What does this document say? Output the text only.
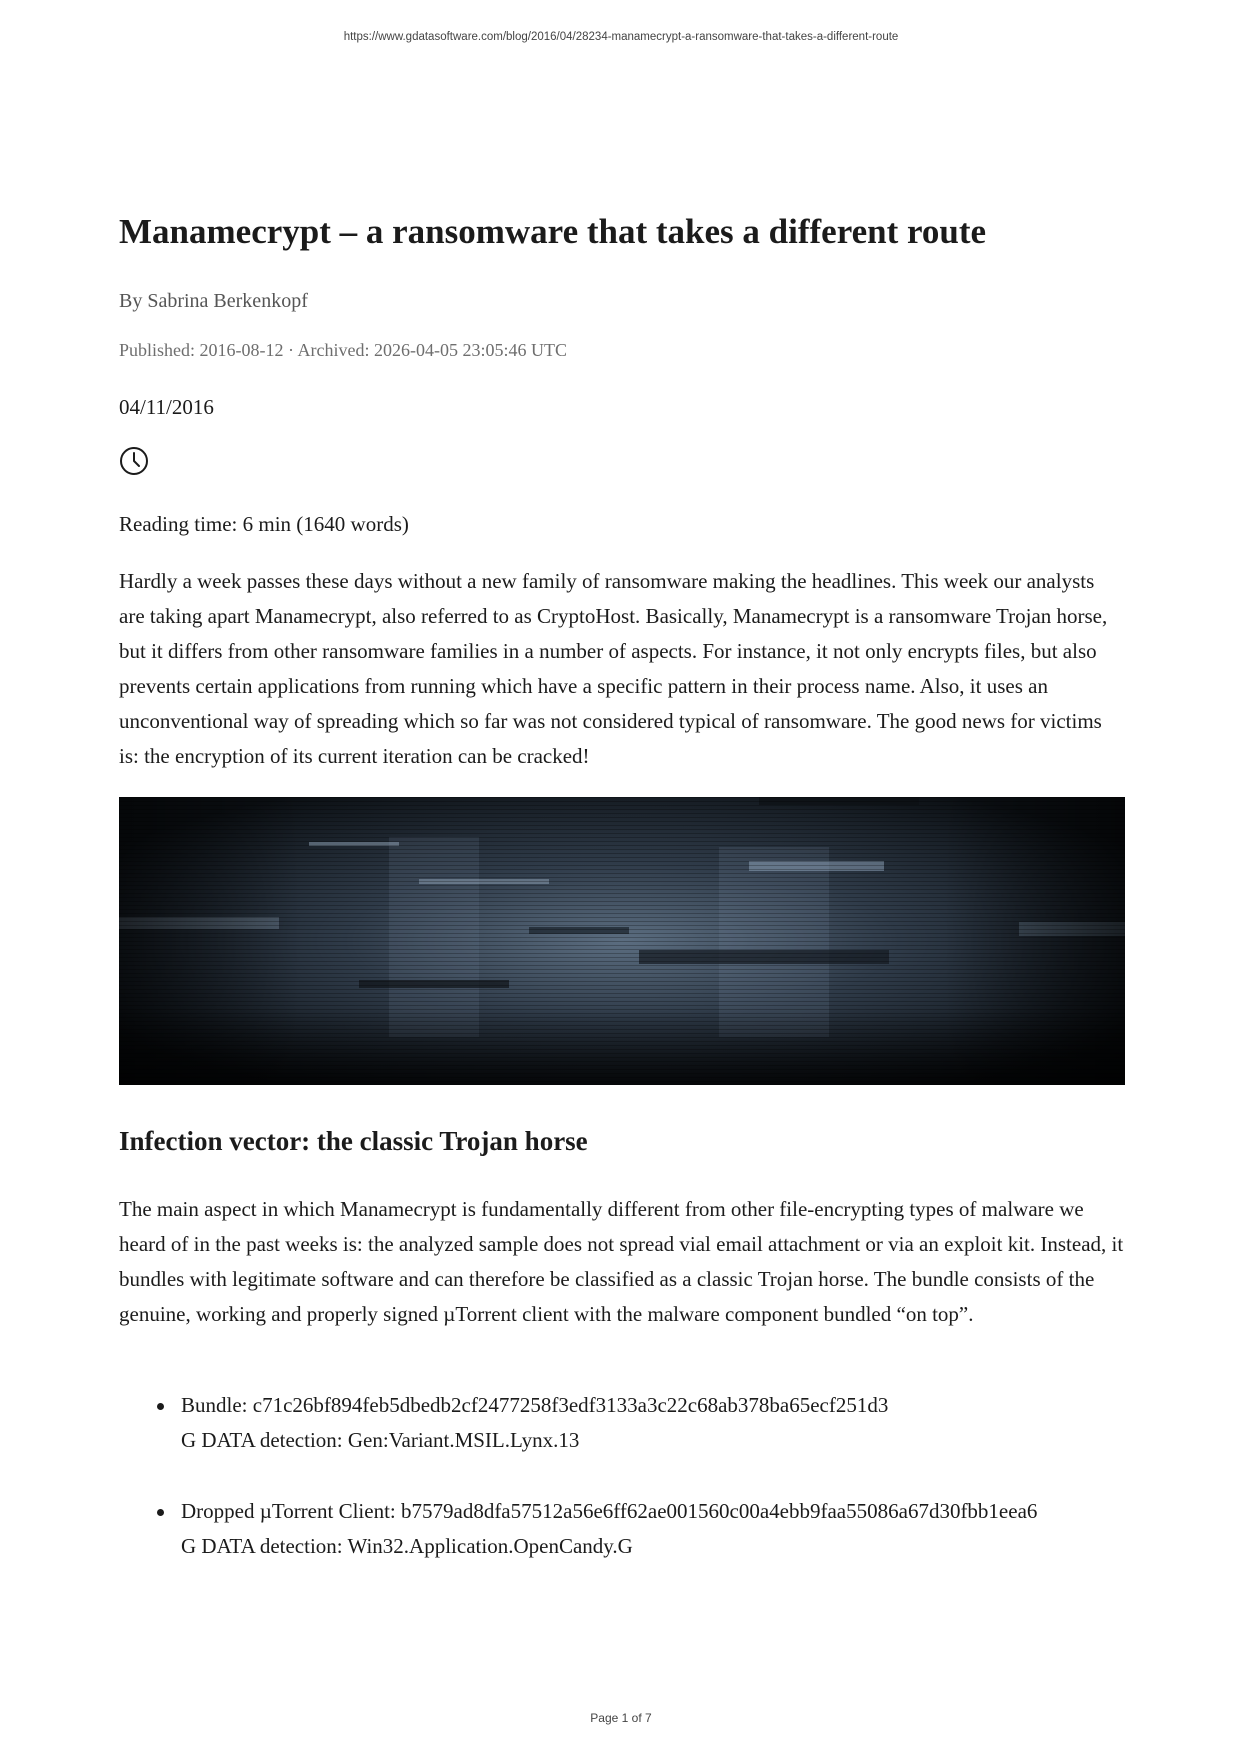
https://www.gdatasoftware.com/blog/2016/04/28234-manamecrypt-a-ransomware-that-takes-a-different-route
Manamecrypt – a ransomware that takes a different route
By Sabrina Berkenkopf
Published: 2016-08-12 · Archived: 2026-04-05 23:05:46 UTC
04/11/2016
Reading time: 6 min (1640 words)

Hardly a week passes these days without a new family of ransomware making the headlines. This week our analysts are taking apart Manamecrypt, also referred to as CryptoHost. Basically, Manamecrypt is a ransomware Trojan horse, but it differs from other ransomware families in a number of aspects. For instance, it not only encrypts files, but also prevents certain applications from running which have a specific pattern in their process name. Also, it uses an unconventional way of spreading which so far was not considered typical of ransomware. The good news for victims is: the encryption of its current iteration can be cracked!

Infection vector: the classic Trojan horse

The main aspect in which Manamecrypt is fundamentally different from other file-encrypting types of malware we heard of in the past weeks is: the analyzed sample does not spread vial email attachment or via an exploit kit. Instead, it bundles with legitimate software and can therefore be classified as a classic Trojan horse. The bundle consists of the genuine, working and properly signed µTorrent client with the malware component bundled “on top”.

Bundle: c71c26bf894feb5dbedb2cf2477258f3edf3133a3c22c68ab378ba65ecf251d3
G DATA detection: Gen:Variant.MSIL.Lynx.13
Dropped µTorrent Client: b7579ad8dfa57512a56e6ff62ae001560c00a4ebb9faa55086a67d30fbb1eea6
G DATA detection: Win32.Application.OpenCandy.G
Page 1 of 7
